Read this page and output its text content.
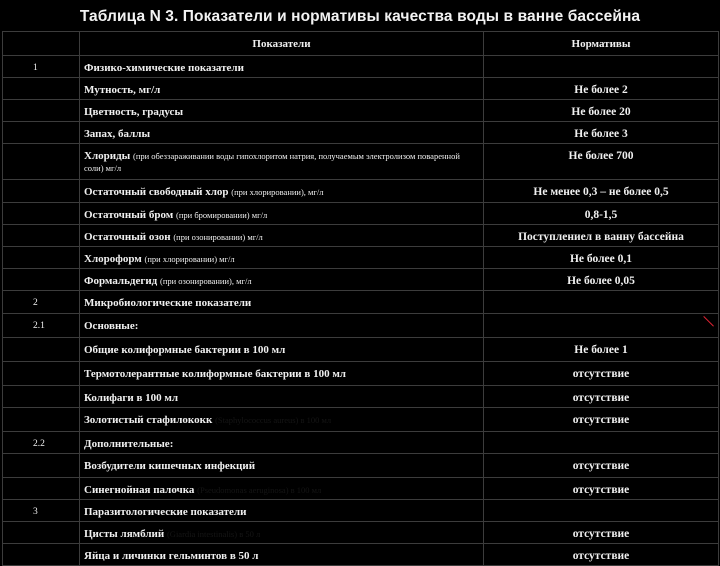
Таблица N 3. Показатели и нормативы качества воды в ванне бассейна
	Показатели	Нормативы
1	Физико-химические показатели	
	Мутность, мг/л	Не более 2
	Цветность, градусы	Не более 20
	Запах, баллы	Не более 3
	Хлориды (при обеззараживании воды гипохлоритом натрия, получаемым электролизом поваренной соли) мг/л	Не более 700
	Остаточный свободный хлор (при хлорировании), мг/л	Не менее 0,3 – не более 0,5
	Остаточный бром (при бромировании) мг/л	0,8-1,5
	Остаточный озон (при озонировании) мг/л	Поступлениел в ванну бассейна
	Хлороформ (при хлорировании) мг/л	Не более 0,1
	Формальдегид (при озонировании), мг/л	Не более 0,05
2	Микробиологические показатели	
2.1	Основные:	
	Общие колиформные бактерии в 100 мл	Не более 1
	Термотолерантные колиформные бактерии в 100 мл	отсутствие
	Колифаги в 100 мл	отсутствие
	Золотистый стафилококк (Staphylococcus aureus) в 100 мл	отсутствие
2.2	Дополнительные:	
	Возбудители кишечных инфекций	отсутствие
	Синегнойная палочка (Pseudomonas aeruginosa) в 100 мл	отсутствие
3	Паразитологические показатели	
	Цисты лямблий (Giardia intestinalis) в 50 л	отсутствие
	Яйца и личинки гельминтов в 50 л	отсутствие
